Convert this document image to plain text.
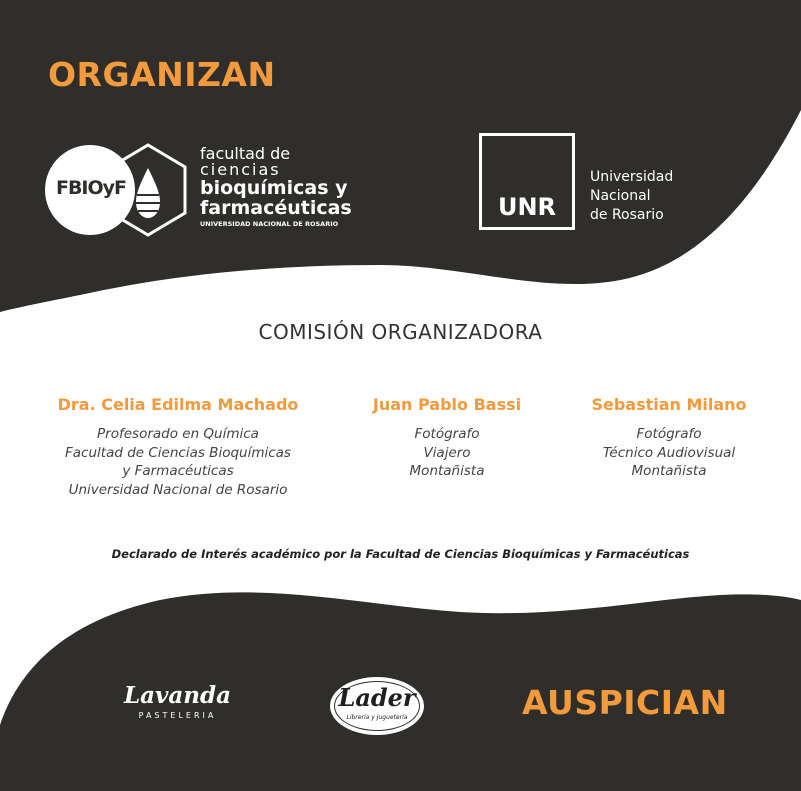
ORGANIZAN
FBIOyF
facultad de
ciencias
bioquímicas y
farmacéuticas
UNIVERSIDAD NACIONAL DE ROSARIO
UNR
Universidad
Nacional
de Rosario
COMISIÓN ORGANIZADORA
Dra. Celia Edilma Machado
Profesorado en Química
Facultad de Ciencias Bioquímicas
y Farmacéuticas
Universidad Nacional de Rosario
Juan Pablo Bassi
Fotógrafo
Viajero
Montañista
Sebastian Milano
Fotógrafo
Técnico Audiovisual
Montañista
Declarado de Interés académico por la Facultad de Ciencias Bioquímicas y Farmacéuticas
Lavanda
PASTELERIA
Lader
Librería y Juguetería	AUSPICIAN
